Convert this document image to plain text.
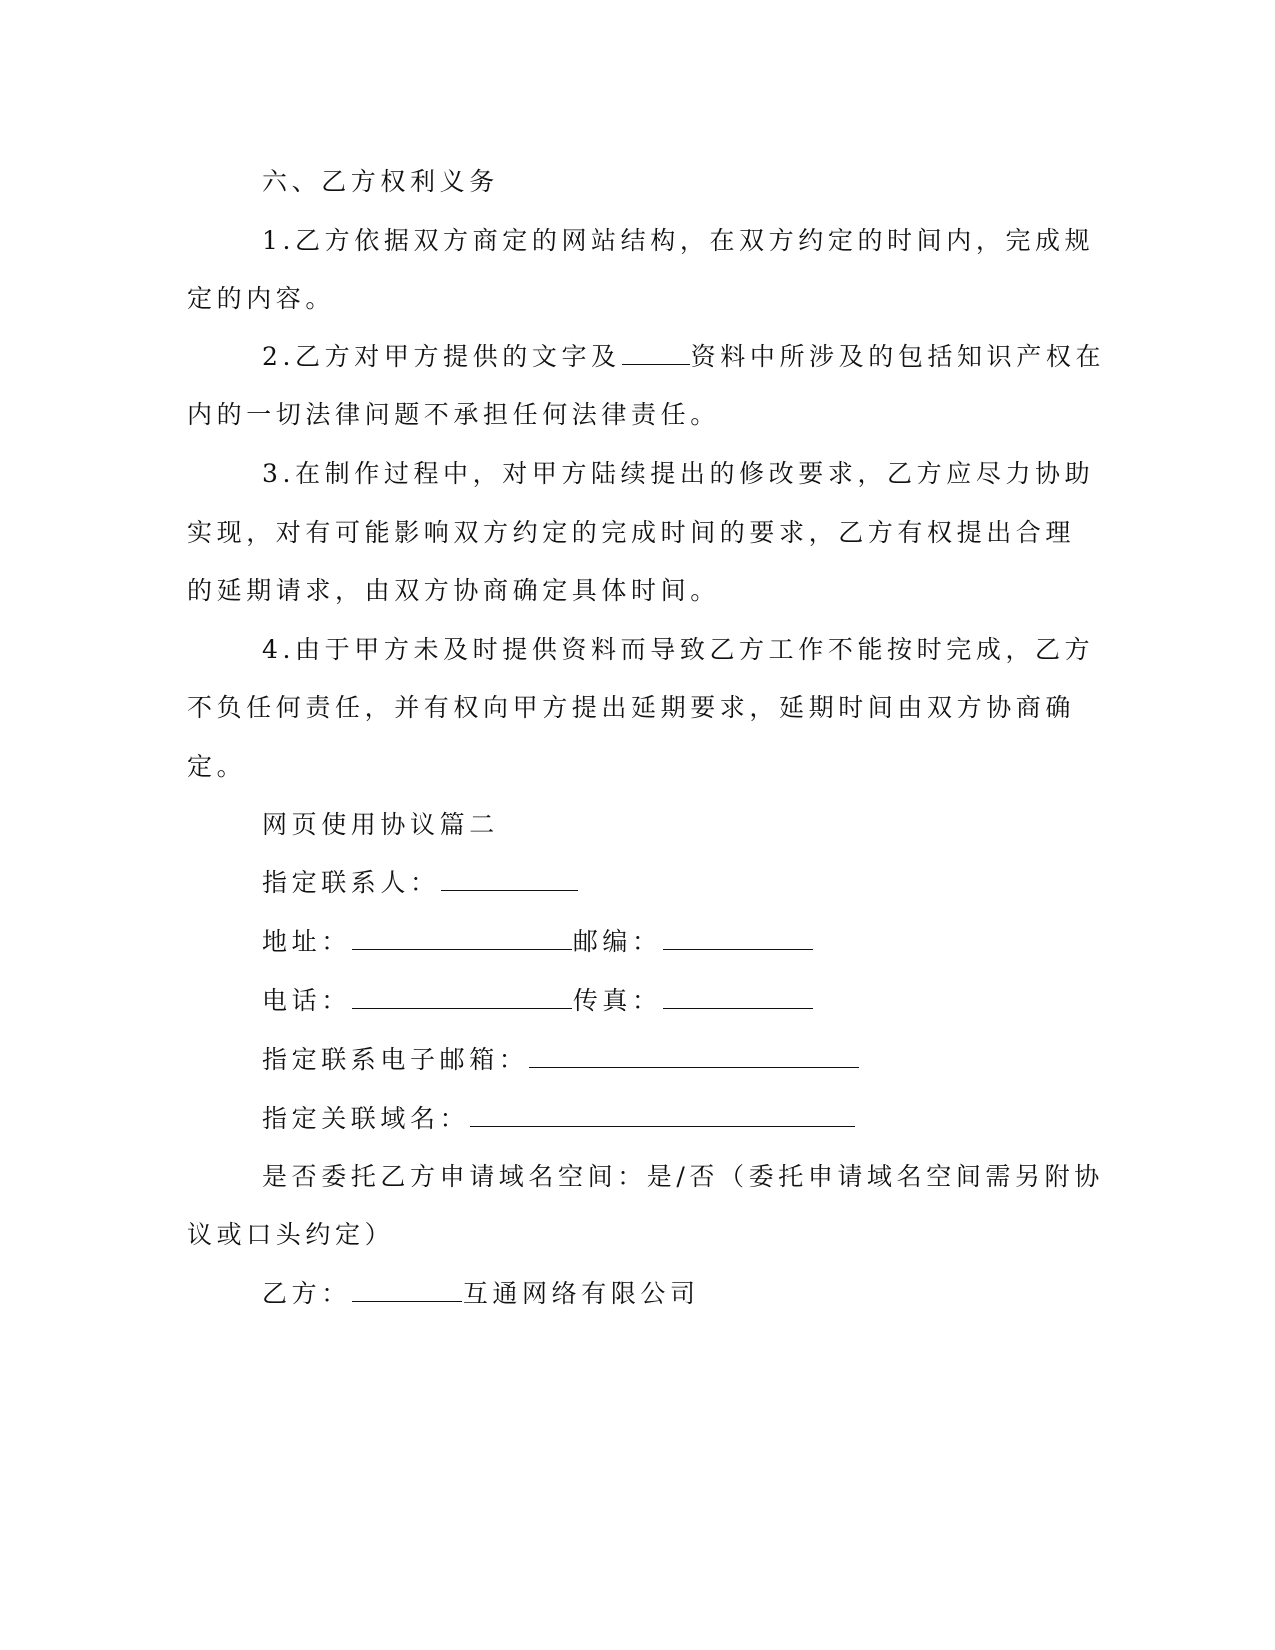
六、乙方权利义务
1.乙方依据双方商定的网站结构，在双方约定的时间内，完成规
定的内容。
2.乙方对甲方提供的文字及	资料中所涉及的包括知识产权在
内的一切法律问题不承担任何法律责任。
3.在制作过程中，对甲方陆续提出的修改要求，乙方应尽力协助
实现，对有可能影响双方约定的完成时间的要求，乙方有权提出合理
的延期请求，由双方协商确定具体时间。
4.由于甲方未及时提供资料而导致乙方工作不能按时完成，乙方
不负任何责任，并有权向甲方提出延期要求，延期时间由双方协商确
定。
网页使用协议篇二
指定联系人：
地址：	邮编：
电话：	传真：
指定联系电子邮箱：
指定关联域名：
是否委托乙方申请域名空间：是/否（委托申请域名空间需另附协
议或口头约定）
乙方：	互通网络有限公司
